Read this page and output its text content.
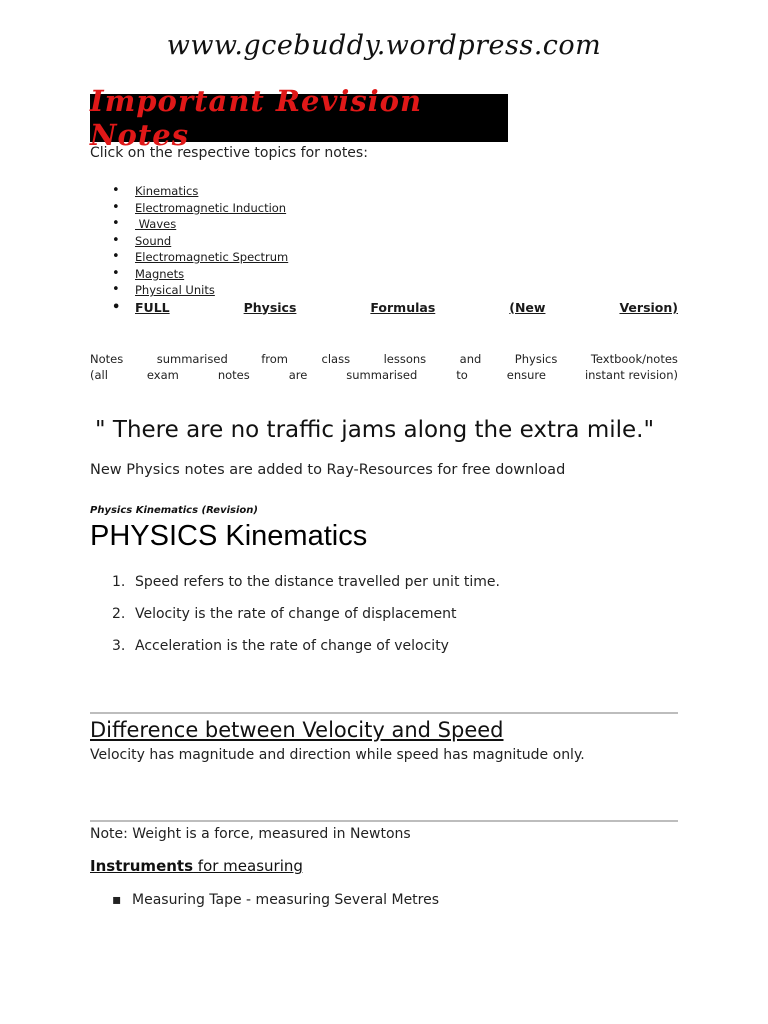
www.gcebuddy.wordpress.com
Important Revision Notes
Click on the respective topics for notes:
• Kinematics
• Electromagnetic Induction
•  Waves
• Sound
• Electromagnetic Spectrum
• Magnets
• Physical Units
• FULL	Physics	Formulas	(New	Version)
Notes	summarised	from	class	lessons	and	Physics	Textbook/notes
(all	exam	notes	are	summarised	to	ensure	instant revision)
" There are no traffic jams along the extra mile."
New Physics notes are added to Ray-Resources for free download
Physics Kinematics (Revision)
PHYSICS Kinematics
1. Speed refers to the distance travelled per unit time.
2. Velocity is the rate of change of displacement
3. Acceleration is the rate of change of velocity
Difference between Velocity and Speed
Velocity has magnitude and direction while speed has magnitude only.
Note: Weight is a force, measured in Newtons
Instruments for measuring
▪ Measuring Tape - measuring Several Metres
